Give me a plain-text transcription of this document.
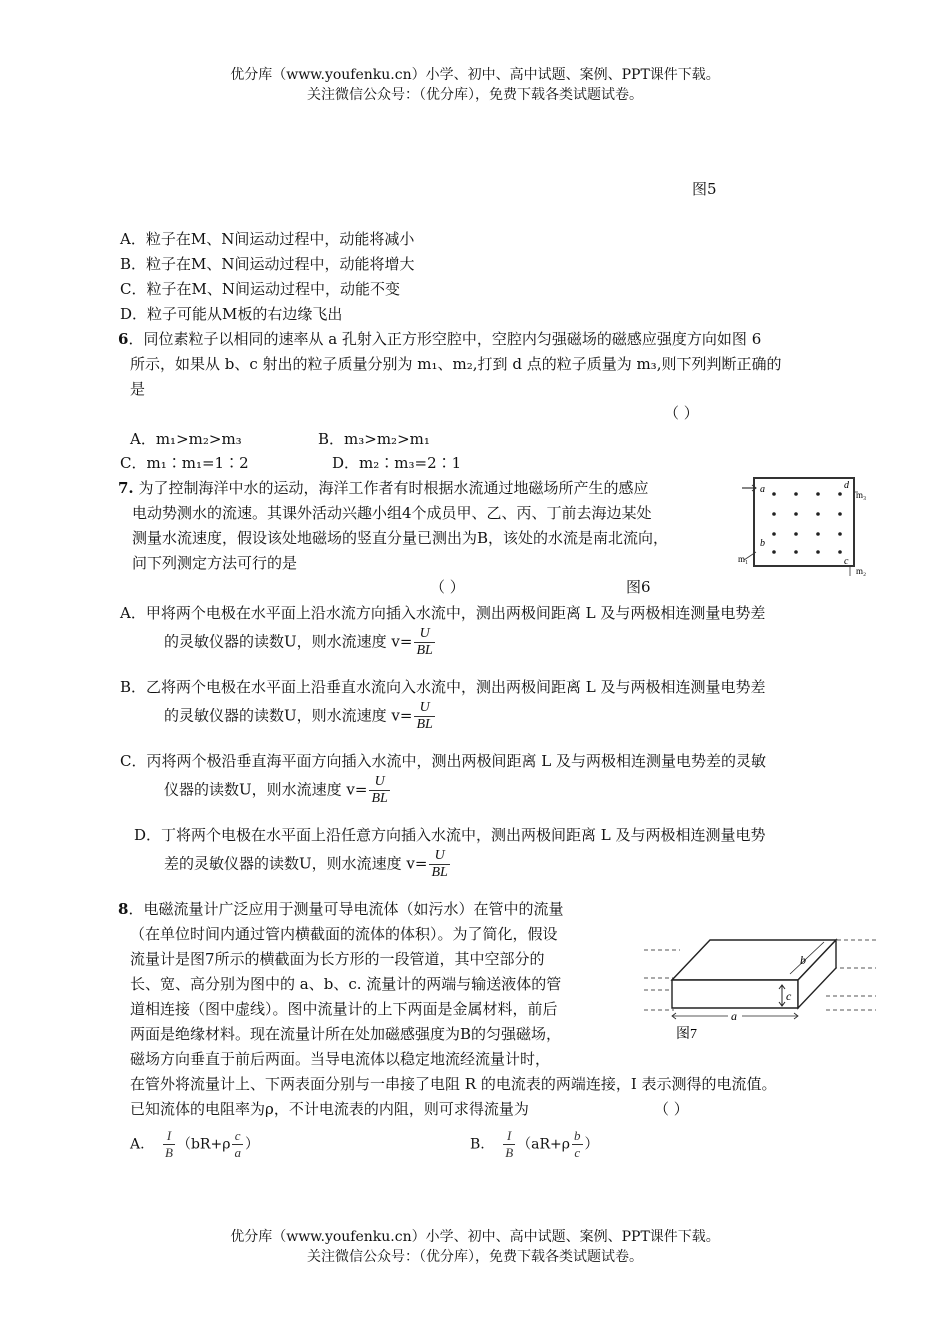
优分库（www.youfenku.cn）小学、初中、高中试题、案例、PPT课件下载。
关注微信公众号：（优分库），免费下载各类试题试卷。
图5
A．粒子在M、N间运动过程中，动能将减小
B．粒子在M、N间运动过程中，动能将增大
C．粒子在M、N间运动过程中，动能不变
D．粒子可能从M板的右边缘飞出
6．同位素粒子以相同的速率从 a 孔射入正方形空腔中，空腔内匀强磁场的磁感应强度方向如图 6
所示，如果从 b、c 射出的粒子质量分别为 m₁、m₂,打到 d 点的粒子质量为 m₃,则下列判断正确的
是
（ ）
A．m₁>m₂>m₃	B．m₃>m₂>m₁
C．m₁∶m₁=1∶2	D．m₂∶m₃=2∶1
a
b
c
d
m₁
m₂
m₃
7. 为了控制海洋中水的运动，海洋工作者有时根据水流通过地磁场所产生的感应
电动势测水的流速。其课外活动兴趣小组4个成员甲、乙、丙、丁前去海边某处
测量水流速度，假设该处地磁场的竖直分量已测出为B，该处的水流是南北流向，
问下列测定方法可行的是
（ ）	图6
A．甲将两个电极在水平面上沿水流方向插入水流中，测出两极间距离 L 及与两极相连测量电势差
的灵敏仪器的读数U，则水流速度 $v= \frac{U}{BL}$
B．乙将两个电极在水平面上沿垂直水流向入水流中，测出两极间距离 L 及与两极相连测量电势差
的灵敏仪器的读数U，则水流速度 $v= \frac{U}{BL}$
C．丙将两个极沿垂直海平面方向插入水流中，测出两极间距离 L 及与两极相连测量电势差的灵敏
仪器的读数U，则水流速度 $v= \frac{U}{BL}$
D．丁将两个电极在水平面上沿任意方向插入水流中，测出两极间距离 L 及与两极相连测量电势
差的灵敏仪器的读数U，则水流速度 $v= \frac{U}{BL}$
8．电磁流量计广泛应用于测量可导电流体（如污水）在管中的流量
（在单位时间内通过管内横截面的流体的体积）。为了简化，假设
流量计是图7所示的横截面为长方形的一段管道，其中空部分的
长、宽、高分别为图中的 a、b、c. 流量计的两端与输送液体的管
道相连接（图中虚线）。图中流量计的上下两面是金属材料，前后
两面是绝缘材料。现在流量计所在处加磁感强度为B的匀强磁场，
磁场方向垂直于前后两面。当导电流体以稳定地流经流量计时，
在管外将流量计上、下两表面分别与一串接了电阻 R 的电流表的两端连接，I 表示测得的电流值。
已知流体的电阻率为ρ，不计电流表的内阻，则可求得流量为	（ ）
a
b
c
图7
A. $\frac{I}{B} (bR+\rho \frac{c}{a}$ ）	B. $\frac{I}{B} (aR+\rho \frac{b}{c}$ ）
优分库（www.youfenku.cn）小学、初中、高中试题、案例、PPT课件下载。
关注微信公众号：（优分库），免费下载各类试题试卷。
